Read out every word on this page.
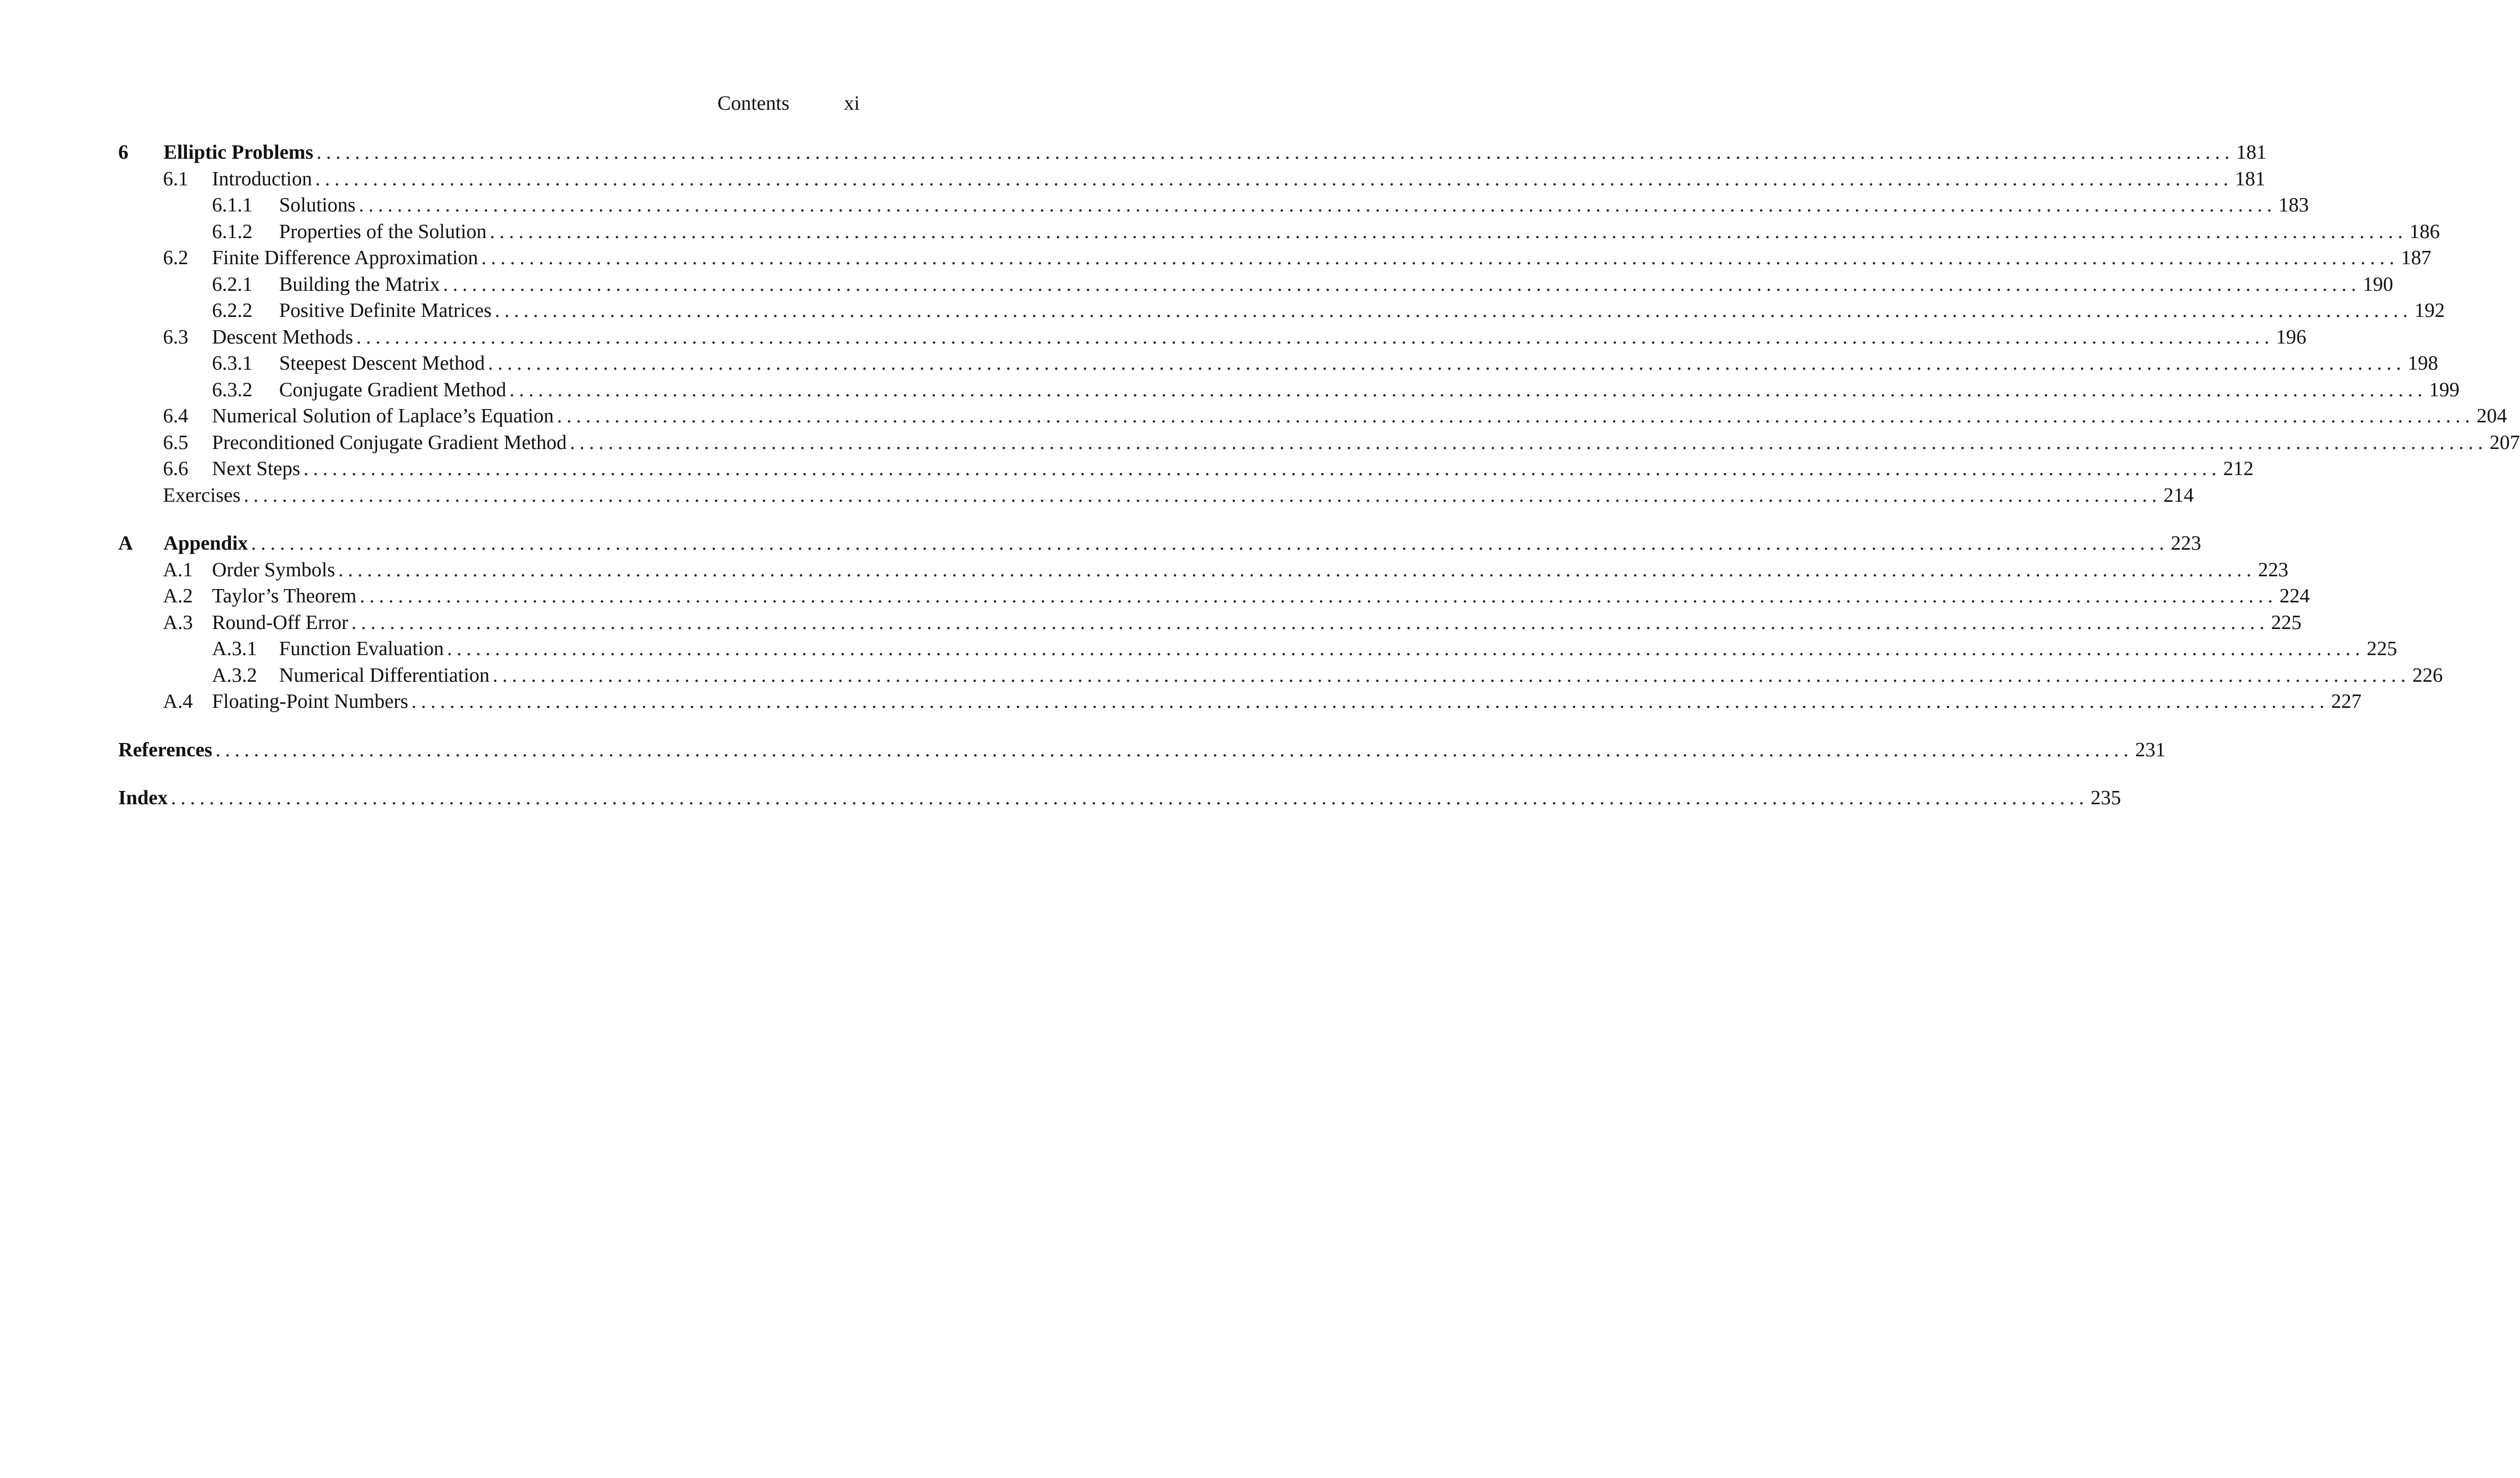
Contents	xi
6 Elliptic Problems ........................................................................................................................................................................................................ 181
6.1 Introduction ........................................................................................................................................................................................................ 181
6.1.1 Solutions ........................................................................................................................................................................................................ 183
6.1.2 Properties of the Solution ........................................................................................................................................................................................................ 186
6.2 Finite Difference Approximation ........................................................................................................................................................................................................ 187
6.2.1 Building the Matrix ........................................................................................................................................................................................................ 190
6.2.2 Positive Definite Matrices ........................................................................................................................................................................................................ 192
6.3 Descent Methods ........................................................................................................................................................................................................ 196
6.3.1 Steepest Descent Method ........................................................................................................................................................................................................ 198
6.3.2 Conjugate Gradient Method ........................................................................................................................................................................................................ 199
6.4 Numerical Solution of Laplace’s Equation ........................................................................................................................................................................................................ 204
6.5 Preconditioned Conjugate Gradient Method ........................................................................................................................................................................................................ 207
6.6 Next Steps ........................................................................................................................................................................................................ 212
Exercises ........................................................................................................................................................................................................ 214
A Appendix ........................................................................................................................................................................................................ 223
A.1 Order Symbols ........................................................................................................................................................................................................ 223
A.2 Taylor’s Theorem ........................................................................................................................................................................................................ 224
A.3 Round-Off Error ........................................................................................................................................................................................................ 225
A.3.1 Function Evaluation ........................................................................................................................................................................................................ 225
A.3.2 Numerical Differentiation ........................................................................................................................................................................................................ 226
A.4 Floating-Point Numbers ........................................................................................................................................................................................................ 227
References ........................................................................................................................................................................................................ 231
Index ........................................................................................................................................................................................................ 235
